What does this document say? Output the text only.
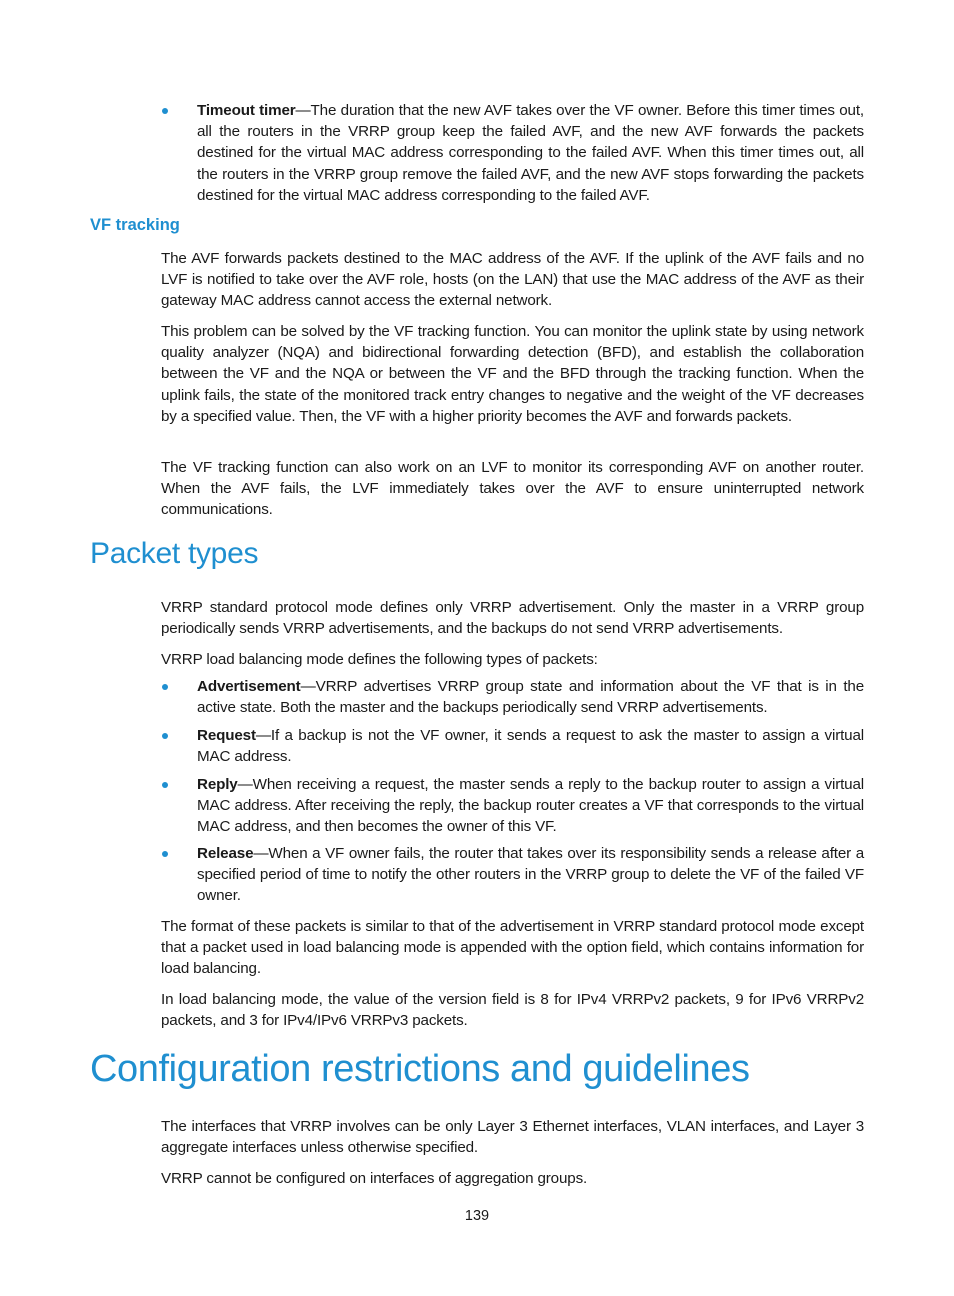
Timeout timer—The duration that the new AVF takes over the VF owner. Before this timer times out, all the routers in the VRRP group keep the failed AVF, and the new AVF forwards the packets destined for the virtual MAC address corresponding to the failed AVF. When this timer times out, all the routers in the VRRP group remove the failed AVF, and the new AVF stops forwarding the packets destined for the virtual MAC address corresponding to the failed AVF.

VF tracking

The AVF forwards packets destined to the MAC address of the AVF. If the uplink of the AVF fails and no LVF is notified to take over the AVF role, hosts (on the LAN) that use the MAC address of the AVF as their gateway MAC address cannot access the external network.

This problem can be solved by the VF tracking function. You can monitor the uplink state by using network quality analyzer (NQA) and bidirectional forwarding detection (BFD), and establish the collaboration between the VF and the NQA or between the VF and the BFD through the tracking function. When the uplink fails, the state of the monitored track entry changes to negative and the weight of the VF decreases by a specified value. Then, the VF with a higher priority becomes the AVF and forwards packets.

The VF tracking function can also work on an LVF to monitor its corresponding AVF on another router. When the AVF fails, the LVF immediately takes over the AVF to ensure uninterrupted network communications.

Packet types

VRRP standard protocol mode defines only VRRP advertisement. Only the master in a VRRP group periodically sends VRRP advertisements, and the backups do not send VRRP advertisements.

VRRP load balancing mode defines the following types of packets:

Advertisement—VRRP advertises VRRP group state and information about the VF that is in the active state. Both the master and the backups periodically send VRRP advertisements.

Request—If a backup is not the VF owner, it sends a request to ask the master to assign a virtual MAC address.

Reply—When receiving a request, the master sends a reply to the backup router to assign a virtual MAC address. After receiving the reply, the backup router creates a VF that corresponds to the virtual MAC address, and then becomes the owner of this VF.

Release—When a VF owner fails, the router that takes over its responsibility sends a release after a specified period of time to notify the other routers in the VRRP group to delete the VF of the failed VF owner.

The format of these packets is similar to that of the advertisement in VRRP standard protocol mode except that a packet used in load balancing mode is appended with the option field, which contains information for load balancing.

In load balancing mode, the value of the version field is 8 for IPv4 VRRPv2 packets, 9 for IPv6 VRRPv2 packets, and 3 for IPv4/IPv6 VRRPv3 packets.

Configuration restrictions and guidelines

The interfaces that VRRP involves can be only Layer 3 Ethernet interfaces, VLAN interfaces, and Layer 3 aggregate interfaces unless otherwise specified.

VRRP cannot be configured on interfaces of aggregation groups.

139
